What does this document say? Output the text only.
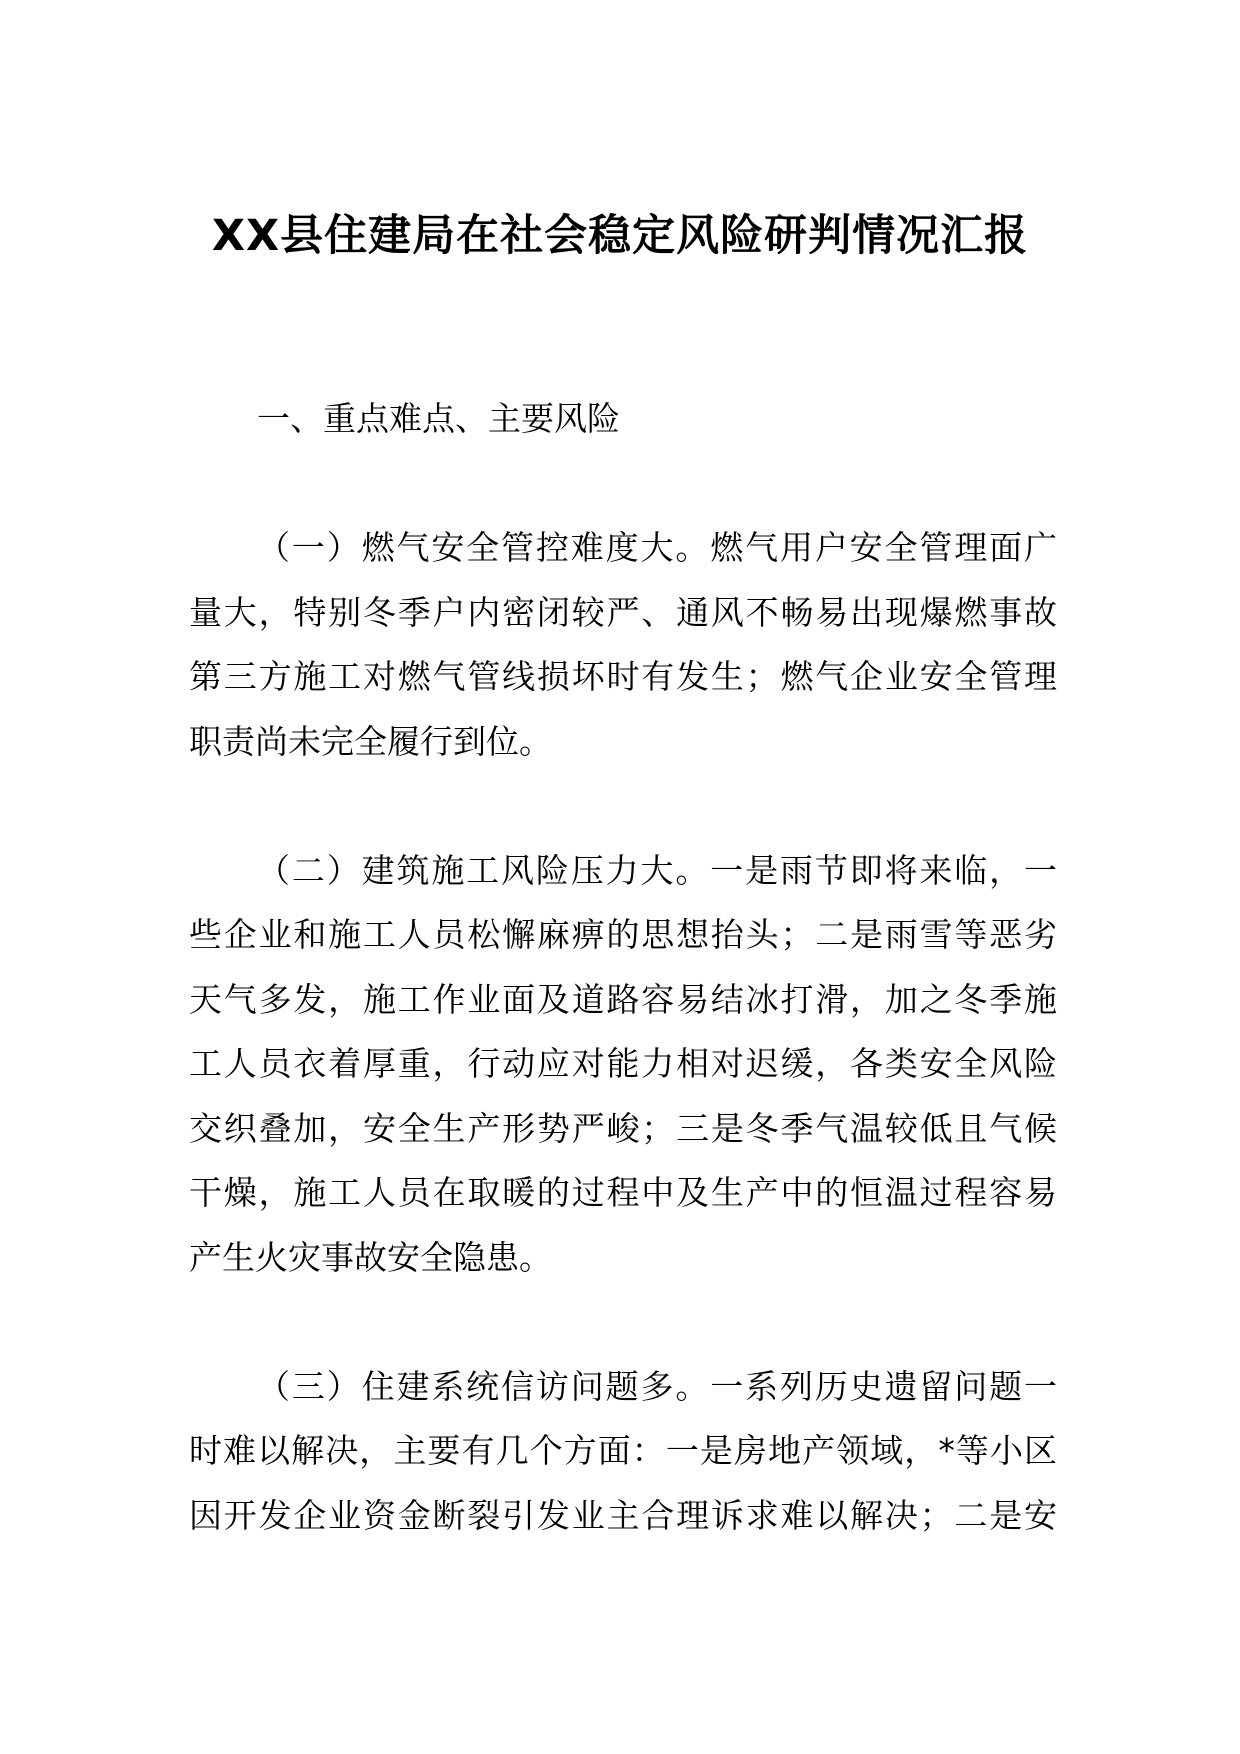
XX县住建局在社会稳定风险研判情况汇报
一、重点难点、主要风险
（一）燃气安全管控难度大。燃气用户安全管理面广
量大，特别冬季户内密闭较严、通风不畅易出现爆燃事故
第三方施工对燃气管线损坏时有发生；燃气企业安全管理
职责尚未完全履行到位。
（二）建筑施工风险压力大。一是雨节即将来临，一
些企业和施工人员松懈麻痹的思想抬头；二是雨雪等恶劣
天气多发，施工作业面及道路容易结冰打滑，加之冬季施
工人员衣着厚重，行动应对能力相对迟缓，各类安全风险
交织叠加，安全生产形势严峻；三是冬季气温较低且气候
干燥，施工人员在取暖的过程中及生产中的恒温过程容易
产生火灾事故安全隐患。
（三）住建系统信访问题多。一系列历史遗留问题一
时难以解决，主要有几个方面：一是房地产领域，*等小区
因开发企业资金断裂引发业主合理诉求难以解决；二是安
